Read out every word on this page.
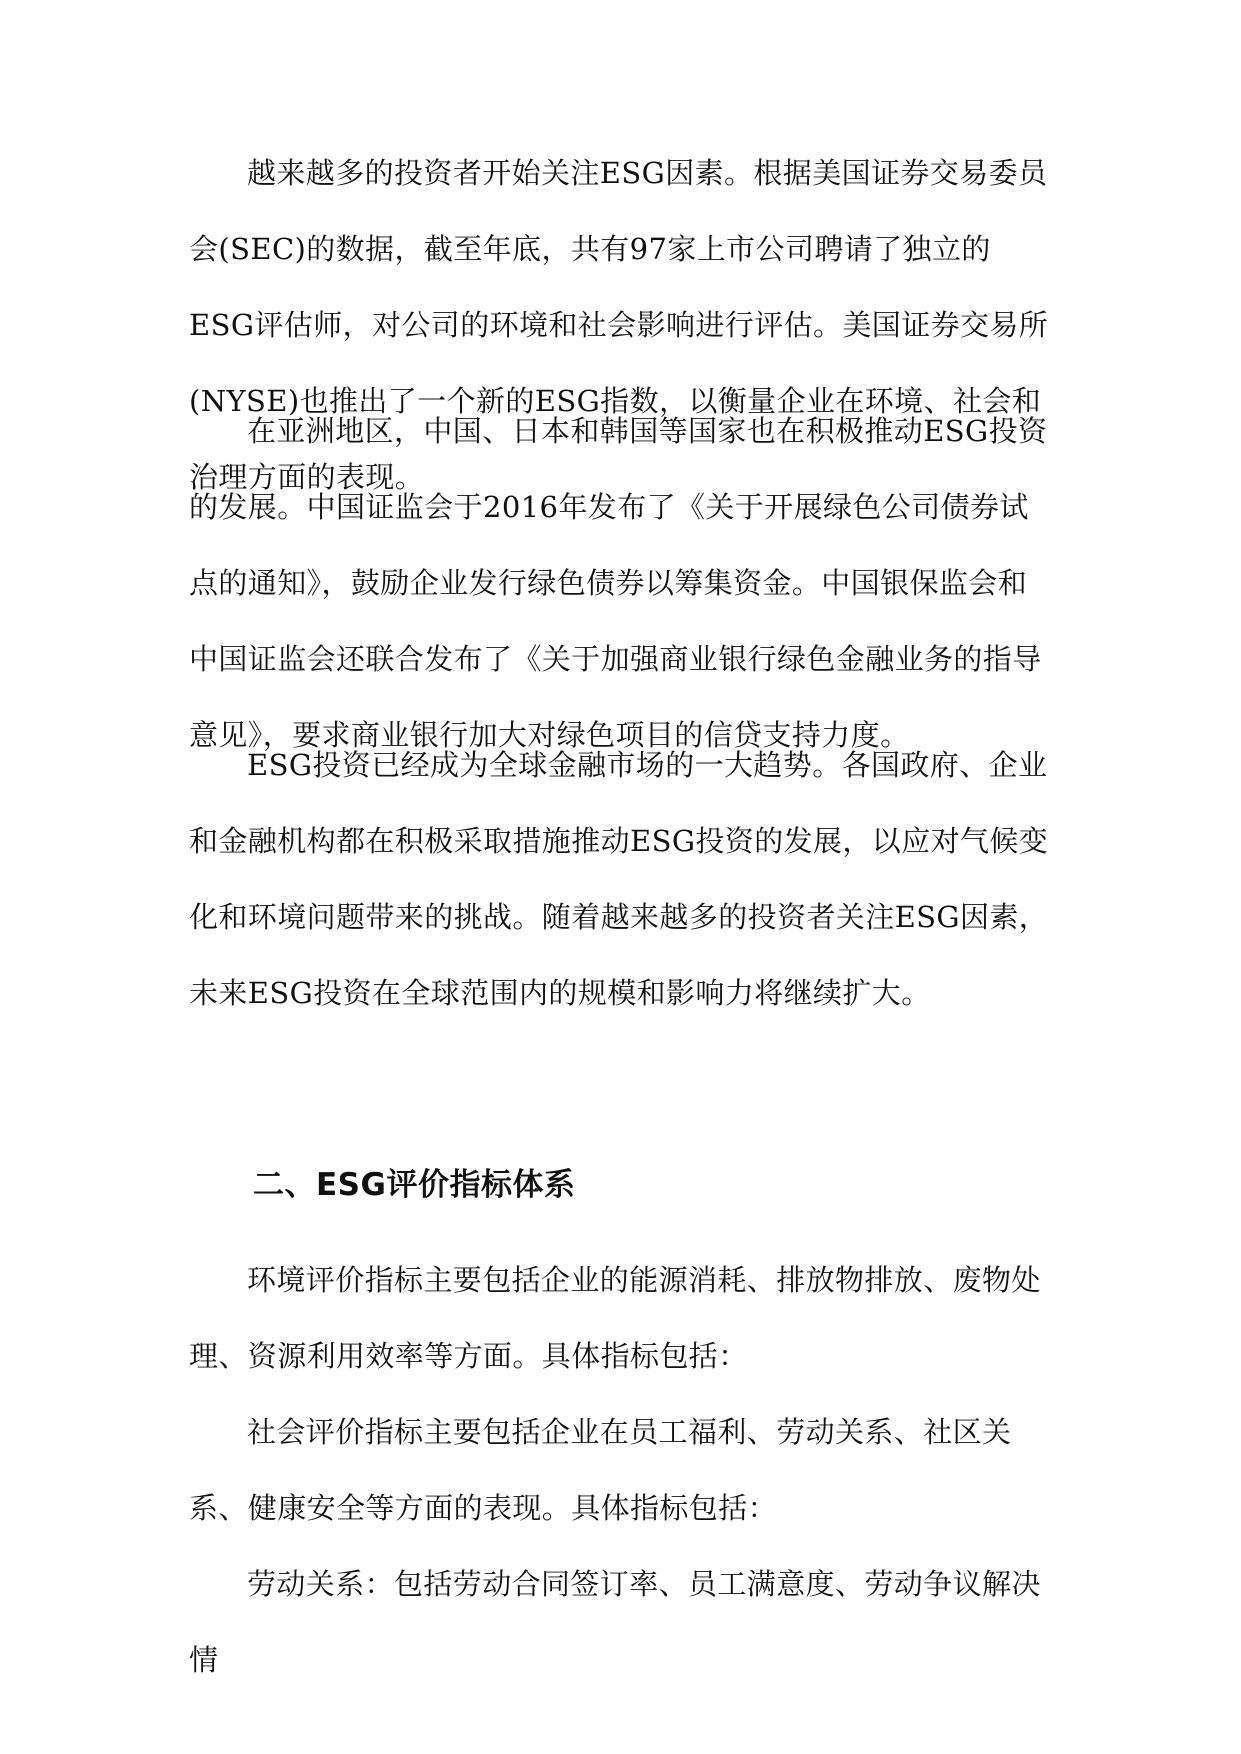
越来越多的投资者开始关注ESG因素。根据美国证券交易委员会(SEC)的数据，截至年底，共有97家上市公司聘请了独立的ESG评估师，对公司的环境和社会影响进行评估。美国证券交易所(NYSE)也推出了一个新的ESG指数，以衡量企业在环境、社会和治理方面的表现。

在亚洲地区，中国、日本和韩国等国家也在积极推动ESG投资的发展。中国证监会于2016年发布了《关于开展绿色公司债券试点的通知》，鼓励企业发行绿色债券以筹集资金。中国银保监会和中国证监会还联合发布了《关于加强商业银行绿色金融业务的指导意见》，要求商业银行加大对绿色项目的信贷支持力度。

ESG投资已经成为全球金融市场的一大趋势。各国政府、企业和金融机构都在积极采取措施推动ESG投资的发展，以应对气候变化和环境问题带来的挑战。随着越来越多的投资者关注ESG因素，未来ESG投资在全球范围内的规模和影响力将继续扩大。

二、ESG评价指标体系

环境评价指标主要包括企业的能源消耗、排放物排放、废物处理、资源利用效率等方面。具体指标包括：

社会评价指标主要包括企业在员工福利、劳动关系、社区关系、健康安全等方面的表现。具体指标包括：

劳动关系：包括劳动合同签订率、员工满意度、劳动争议解决情
